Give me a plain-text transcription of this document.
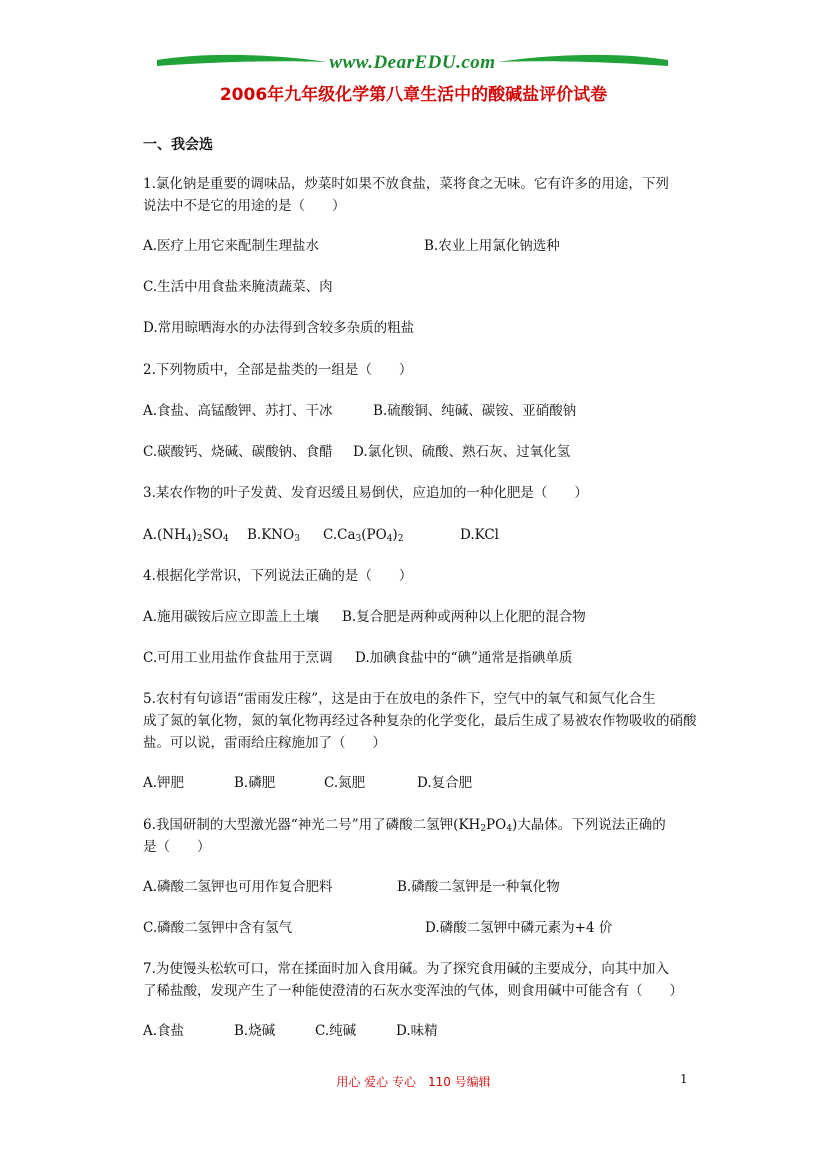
www.DearEDU.com
2006年九年级化学第八章生活中的酸碱盐评价试卷
一、我会选
1.氯化钠是重要的调味品，炒菜时如果不放食盐，菜将食之无味。它有许多的用途，下列
说法中不是它的用途的是（　　）
A.医疗上用它来配制生理盐水	B.农业上用氯化钠选种
C.生活中用食盐来腌渍蔬菜、肉
D.常用晾晒海水的办法得到含较多杂质的粗盐
2.下列物质中，全部是盐类的一组是（　　）
A.食盐、高锰酸钾、苏打、干冰	B.硫酸铜、纯碱、碳铵、亚硝酸钠
C.碳酸钙、烧碱、碳酸钠、食醋 D.氯化钡、硫酸、熟石灰、过氧化氢
3.某农作物的叶子发黄、发育迟缓且易倒伏，应追加的一种化肥是（　　）
$A.(NH_4)_2SO_4$ $B.KNO_3$ $C.Ca_3(PO_4)_2$	D.KCl
4.根据化学常识，下列说法正确的是（　　）
A.施用碳铵后应立即盖上土壤 B.复合肥是两种或两种以上化肥的混合物
C.可用工业用盐作食盐用于烹调 D.加碘食盐中的“碘”通常是指碘单质
5.农村有句谚语“雷雨发庄稼”，这是由于在放电的条件下，空气中的氧气和氮气化合生
成了氮的氧化物，氮的氧化物再经过各种复杂的化学变化，最后生成了易被农作物吸收的硝酸
盐。可以说，雷雨给庄稼施加了（　　）
A.钾肥	B.磷肥	C.氮肥	D.复合肥
6.我国研制的大型激光器“神光二号”用了磷酸二氢钾$(KH_2PO_4)$大晶体。下列说法正确的
是（　　）
A.磷酸二氢钾也可用作复合肥料	B.磷酸二氢钾是一种氧化物
C.磷酸二氢钾中含有氢气	D.磷酸二氢钾中磷元素为+4 价
7.为使馒头松软可口，常在揉面时加入食用碱。为了探究食用碱的主要成分，向其中加入
了稀盐酸，发现产生了一种能使澄清的石灰水变浑浊的气体，则食用碱中可能含有（　　）
A.食盐	B.烧碱	C.纯碱	D.味精
用心 爱心 专心　110 号编辑	1
